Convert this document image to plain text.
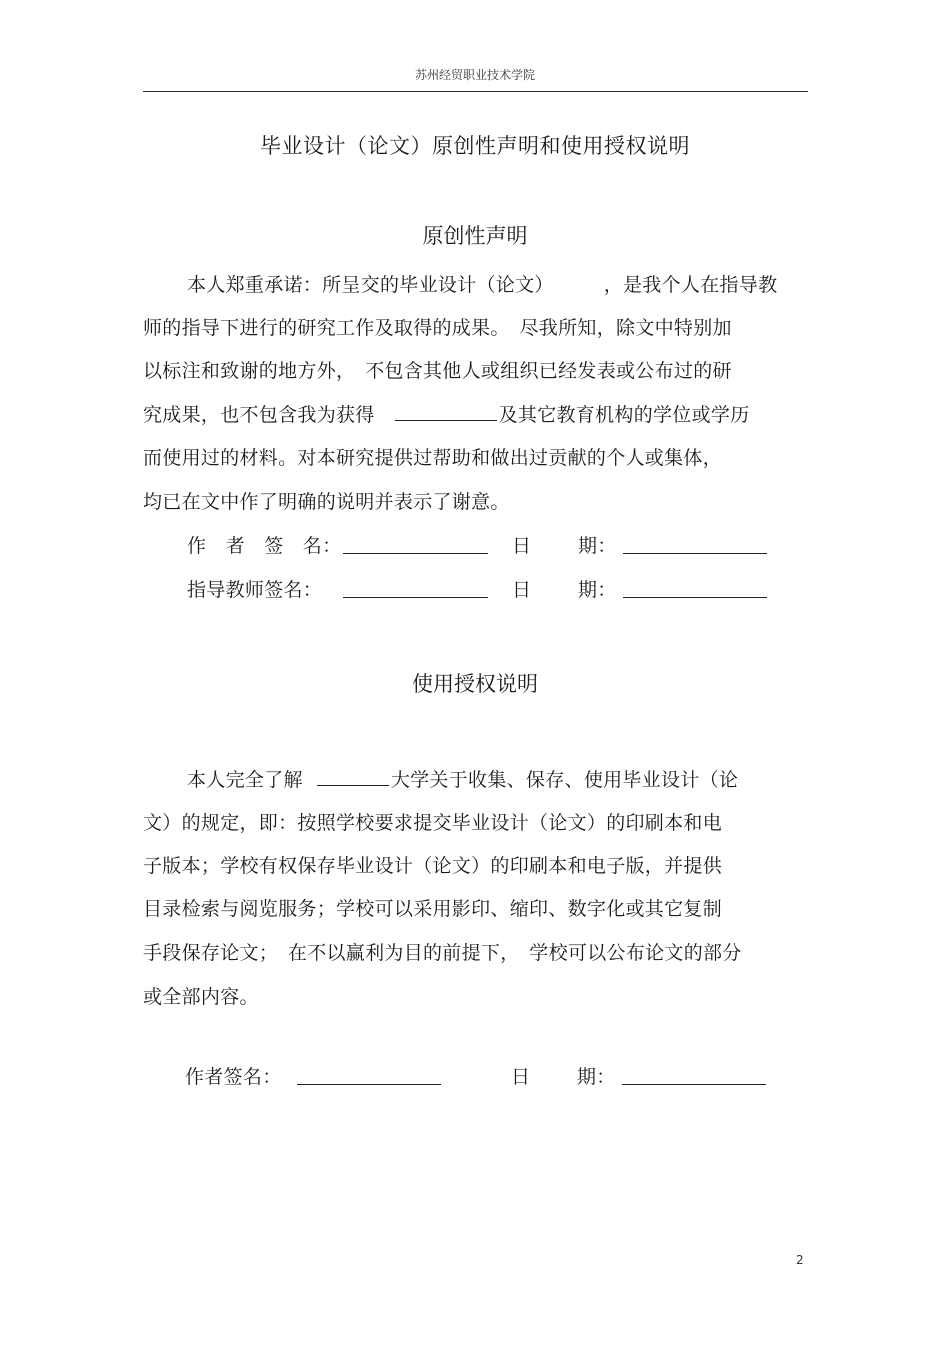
苏州经贸职业技术学院
毕业设计（论文）原创性声明和使用授权说明
原创性声明
本人郑重承诺：所呈交的毕业设计（论文）	，是我个人在指导教
师的指导下进行的研究工作及取得的成果。　尽我所知，除文中特别加
以标注和致谢的地方外，　不包含其他人或组织已经发表或公布过的研
究成果，也不包含我为获得	及其它教育机构的学位或学历
而使用过的材料。对本研究提供过帮助和做出过贡献的个人或集体，
均已在文中作了明确的说明并表示了谢意。
作　者　签　名：	日 期：
指导教师签名：	日 期：
使用授权说明
本人完全了解	大学关于收集、保存、使用毕业设计（论
文）的规定，即：按照学校要求提交毕业设计（论文）的印刷本和电
子版本；学校有权保存毕业设计（论文）的印刷本和电子版，并提供
目录检索与阅览服务；学校可以采用影印、缩印、数字化或其它复制
手段保存论文；　在不以赢利为目的前提下，　学校可以公布论文的部分
或全部内容。
作者签名：	日 期：
2
